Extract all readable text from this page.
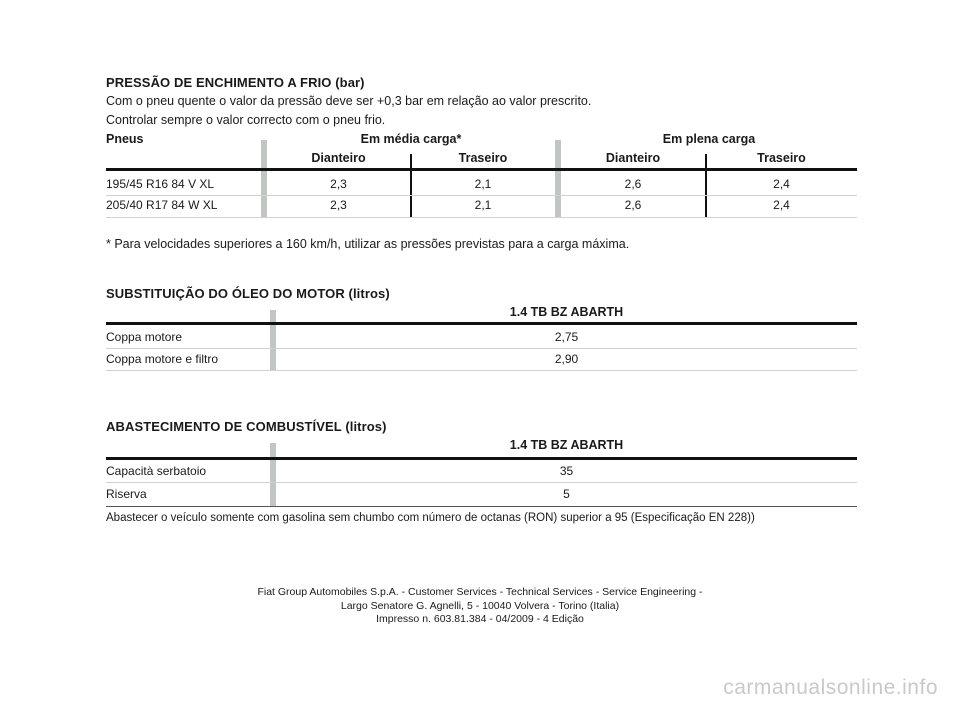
PRESSÃO DE ENCHIMENTO A FRIO (bar)
Com o pneu quente o valor da pressão deve ser +0,3 bar em relação ao valor prescrito.
Controlar sempre o valor correcto com o pneu frio.
Pneus	Em média carga*	Em plena carga
Dianteiro	Traseiro	Dianteiro	Traseiro
195/45 R16 84 V XL	2,3	2,1	2,6	2,4
205/40 R17 84 W XL	2,3	2,1	2,6	2,4
* Para velocidades superiores a 160 km/h, utilizar as pressões previstas para a carga máxima.
SUBSTITUIÇÃO DO ÓLEO DO MOTOR (litros)
1.4 TB BZ ABARTH
Coppa motore	2,75
Coppa motore e filtro	2,90
ABASTECIMENTO DE COMBUSTÍVEL (litros)
1.4 TB BZ ABARTH
Capacità serbatoio	35
Riserva	5
Abastecer o veículo somente com gasolina sem chumbo com número de octanas (RON) superior a 95 (Especificação EN 228))
Fiat Group Automobiles S.p.A. - Customer Services - Technical Services - Service Engineering -
Largo Senatore G. Agnelli, 5 - 10040 Volvera - Torino (Italia)
Impresso n. 603.81.384 - 04/2009 - 4 Edição
carmanualsonline.info
